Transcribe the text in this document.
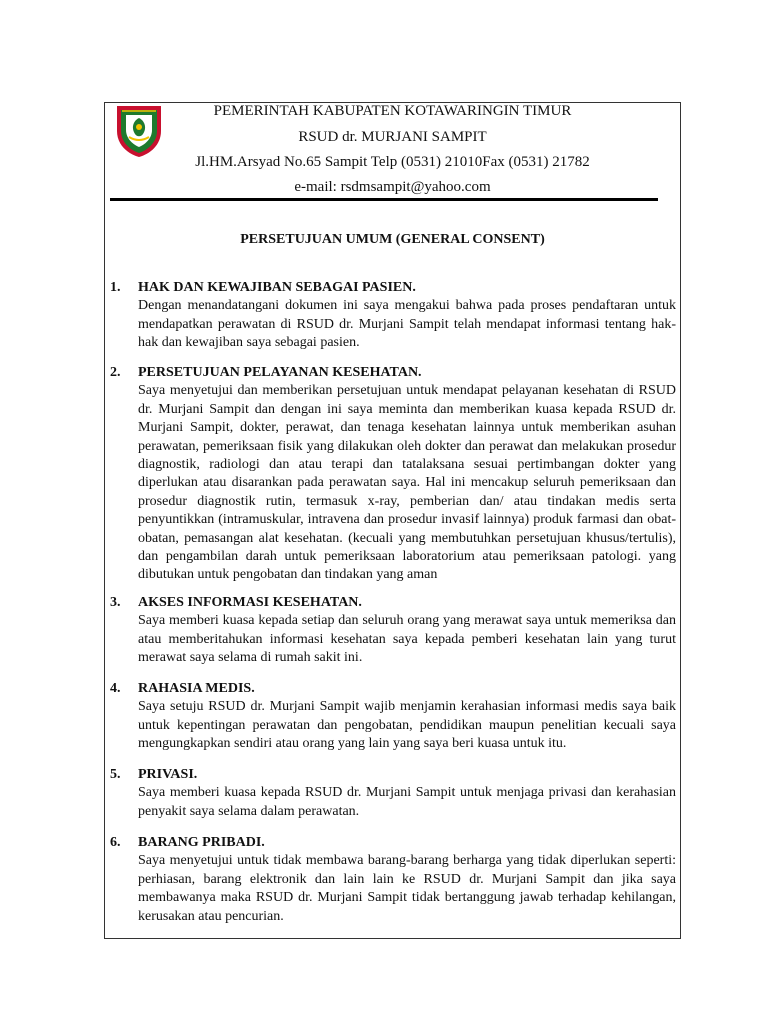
PEMERINTAH KABUPATEN KOTAWARINGIN TIMUR
RSUD dr. MURJANI SAMPIT
Jl.HM.Arsyad No.65 Sampit Telp (0531) 21010Fax (0531) 21782
e-mail: rsdmsampit@yahoo.com
PERSETUJUAN UMUM (GENERAL CONSENT)
1. HAK DAN KEWAJIBAN SEBAGAI PASIEN.
Dengan menandatangani dokumen ini saya mengakui bahwa pada proses pendaftaran untuk mendapatkan perawatan di RSUD dr. Murjani Sampit telah mendapat informasi tentang hak-hak dan kewajiban saya sebagai pasien.
2. PERSETUJUAN PELAYANAN KESEHATAN.
Saya menyetujui dan memberikan persetujuan untuk mendapat pelayanan kesehatan di RSUD dr. Murjani Sampit dan dengan ini saya meminta dan memberikan kuasa kepada RSUD dr. Murjani Sampit, dokter, perawat, dan tenaga kesehatan lainnya untuk memberikan asuhan perawatan, pemeriksaan fisik yang dilakukan oleh dokter dan perawat dan melakukan prosedur diagnostik, radiologi dan atau terapi dan tatalaksana sesuai pertimbangan dokter yang diperlukan atau disarankan pada perawatan saya. Hal ini mencakup seluruh pemeriksaan dan prosedur diagnostik rutin, termasuk x-ray, pemberian dan/ atau tindakan medis serta penyuntikkan (intramuskular, intravena dan prosedur invasif lainnya) produk farmasi dan obat-obatan, pemasangan alat kesehatan. (kecuali yang membutuhkan persetujuan khusus/tertulis), dan pengambilan darah untuk pemeriksaan laboratorium atau pemeriksaan patologi. yang dibutukan untuk pengobatan dan tindakan yang aman
3. AKSES INFORMASI KESEHATAN.
Saya memberi kuasa kepada setiap dan seluruh orang yang merawat saya untuk memeriksa dan atau memberitahukan informasi kesehatan saya kepada pemberi kesehatan lain yang turut merawat saya selama di rumah sakit ini.
4. RAHASIA MEDIS.
Saya setuju RSUD dr. Murjani Sampit wajib menjamin kerahasian informasi medis saya baik untuk kepentingan perawatan dan pengobatan, pendidikan maupun penelitian kecuali saya mengungkapkan sendiri atau orang yang lain yang saya beri kuasa untuk itu.
5. PRIVASI.
Saya memberi kuasa kepada RSUD dr. Murjani Sampit untuk menjaga privasi dan kerahasian penyakit saya selama dalam perawatan.
6. BARANG PRIBADI.
Saya menyetujui untuk tidak membawa barang-barang berharga yang tidak diperlukan seperti: perhiasan, barang elektronik dan lain lain ke RSUD dr. Murjani Sampit dan jika saya membawanya maka RSUD dr. Murjani Sampit tidak bertanggung jawab terhadap kehilangan, kerusakan atau pencurian.
